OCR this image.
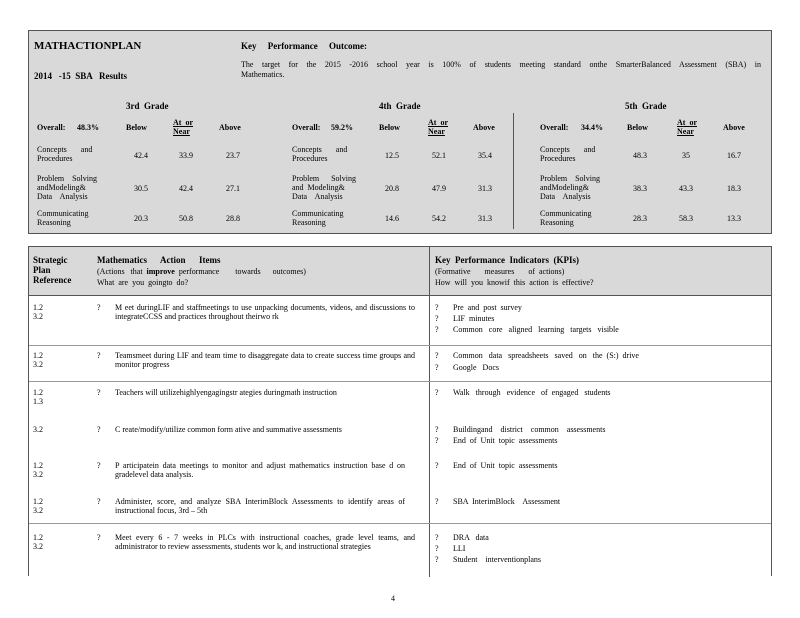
MATHACTIONPLAN
2014   -15  SBA   Results
Key     Performance     Outcome:
The target for the 2015 -2016 school year is 100% of students meeting standard onthe SmarterBalanced Assessment (SBA) in Mathematics.
3rd  Grade
Overall: 48.3%	Below
At  or
Near	Above
Concepts       and
Procedures	42.4	33.9	23.7
Problem    Solving
andModeling&
Data    Analysis
30.5	42.4	27.1
Communicating
Reasoning	20.3	50.8	28.8
4th  Grade
Overall: 59.2%	Below
At  or
Near	Above
Concepts       and
Procedures	12.5	52.1	35.4
Problem      Solving
and  Modeling&
Data    Analysis
20.8	47.9	31.3
Communicating
Reasoning	14.6	54.2	31.3
5th  Grade
Overall: 34.4%	Below
At  or
Near	Above
Concepts       and
Procedures	48.3	35	16.7
Problem    Solving
andModeling&
Data    Analysis
38.3	43.3	18.3
Communicating
Reasoning	28.3	58.3	13.3
Strategic
Plan
Reference
Mathematics      Action      Items
(Actions   that  improve  performance        towards      outcomes)
What  are  you  goingto  do?
Key  Performance  Indicators  (KPIs)
(Formative       measures       of  actions)
How  will  you  knowif  this  action  is  effective?
1.2
3.2
?	M eet duringLIF and staffmeetings to use unpacking documents, videos, and discussions to integrateCCSS and practices throughout theirwo rk
?	Pre  and  post  survey
?	LIF  minutes
?	Common   core   aligned   learning   targets   visible
1.2
3.2
?	Teamsmeet during LIF and team time to disaggregate data to create success time groups and monitor progress
?	Common   data   spreadsheets   saved   on   the  (S:)  drive
?	Google   Docs
1.2
1.3
?	Teachers will utilizehighlyengagingstr ategies duringmath instruction	?	Walk   through   evidence   of  engaged   students
3.2	?	C reate/modify/utilize common form ative and summative assessments	?	Buildingand    district    common    assessments
?	End  of  Unit  topic  assessments
1.2
3.2
?	P articipatein data meetings to monitor and adjust mathematics instruction base d on gradelevel data analysis.
?	End  of  Unit  topic  assessments
1.2
3.2
?	Administer, score, and analyze SBA InterimBlock Assessments to identify areas of instructional focus, 3rd – 5th
?	SBA  InterimBlock    Assessment
1.2
3.2
?	Meet every 6 - 7 weeks in PLCs with instructional coaches, grade level teams, and administrator to review assessments, students wor k, and instructional strategies
?	DRA   data
?	LLI
?	Student    interventionplans
4
